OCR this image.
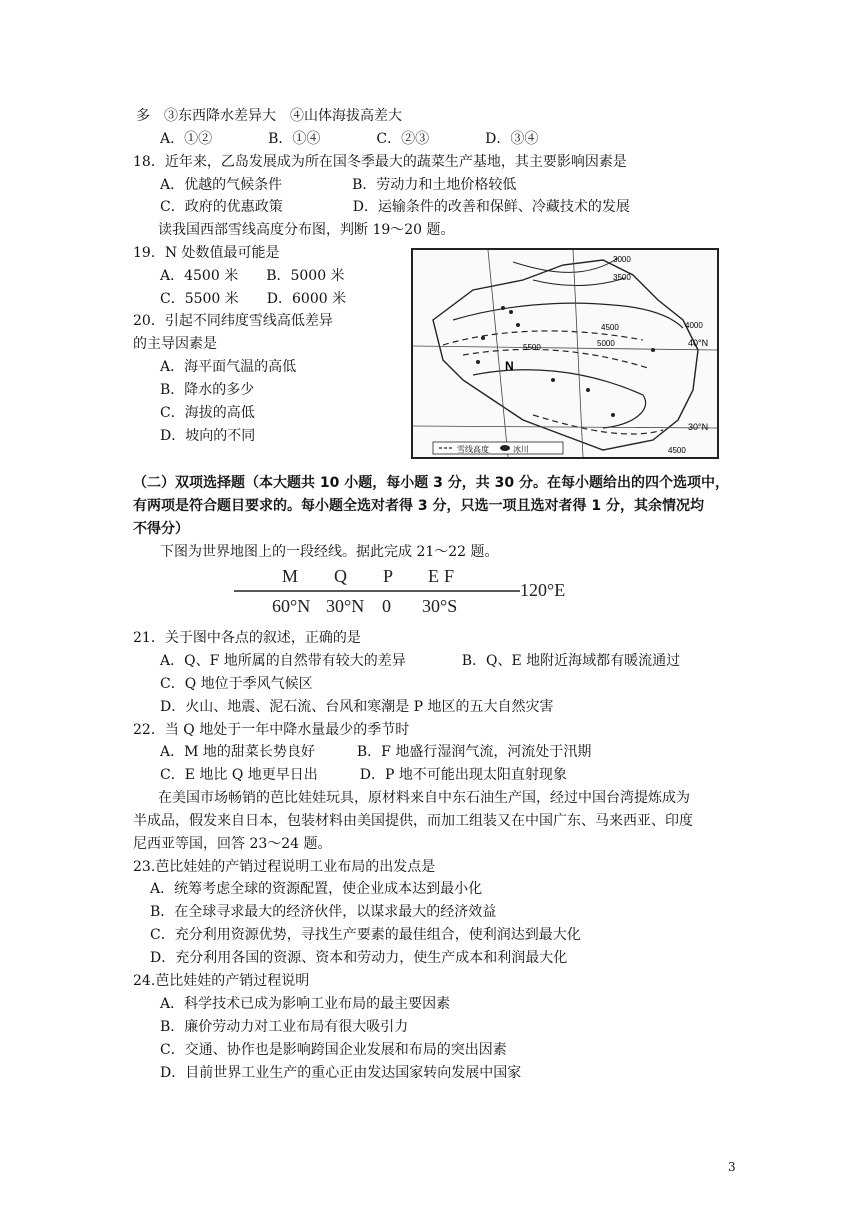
多　③东西降水差异大　④山体海拔高差大
A．①②　　　　B．①④　　　　C．②③　　　　D．③④
18．近年来，乙岛发展成为所在国冬季最大的蔬菜生产基地，其主要影响因素是
A．优越的气候条件　　　　　B．劳动力和土地价格较低
C．政府的优惠政策　　　　　D．运输条件的改善和保鲜、冷藏技术的发展
读我国西部雪线高度分布图，判断 19～20 题。
19．N 处数值最可能是
A．4500 米　　B．5000 米
C．5500 米　　D．6000 米
20．引起不同纬度雪线高低差异
的主导因素是
A．海平面气温的高低
B．降水的多少
C．海拔的高低
D．坡向的不同
3000
3500
4500	4000
5000
5500
4500
N
40°N
30°N
雪线高度	冰川
（二）双项选择题（本大题共 10 小题，每小题 3 分，共 30 分。在每小题给出的四个选项中，
有两项是符合题目要求的。每小题全选对者得 3 分，只选一项且选对者得 1 分，其余情况均
不得分）
下图为世界地图上的一段经线。据此完成 21～22 题。
M Q P E F
60°N 30°N 0 30°S
120°E
21．关于图中各点的叙述，正确的是
A．Q、F 地所属的自然带有较大的差异　　　　B．Q、E 地附近海域都有暖流通过
C．Q 地位于季风气候区
D．火山、地震、泥石流、台风和寒潮是 P 地区的五大自然灾害
22．当 Q 地处于一年中降水量最少的季节时
A．M 地的甜菜长势良好　　　B．F 地盛行湿润气流，河流处于汛期
C．E 地比 Q 地更早日出　　　D．P 地不可能出现太阳直射现象
在美国市场畅销的芭比娃娃玩具，原材料来自中东石油生产国，经过中国台湾提炼成为
半成品，假发来自日本，包装材料由美国提供，而加工组装又在中国广东、马来西亚、印度
尼西亚等国，回答 23～24 题。
23.芭比娃娃的产销过程说明工业布局的出发点是
A．统筹考虑全球的资源配置，使企业成本达到最小化
B．在全球寻求最大的经济伙伴，以谋求最大的经济效益
C．充分利用资源优势，寻找生产要素的最佳组合，使利润达到最大化
D．充分利用各国的资源、资本和劳动力，使生产成本和利润最大化
24.芭比娃娃的产销过程说明
A．科学技术已成为影响工业布局的最主要因素
B．廉价劳动力对工业布局有很大吸引力
C．交通、协作也是影响跨国企业发展和布局的突出因素
D．目前世界工业生产的重心正由发达国家转向发展中国家
3
